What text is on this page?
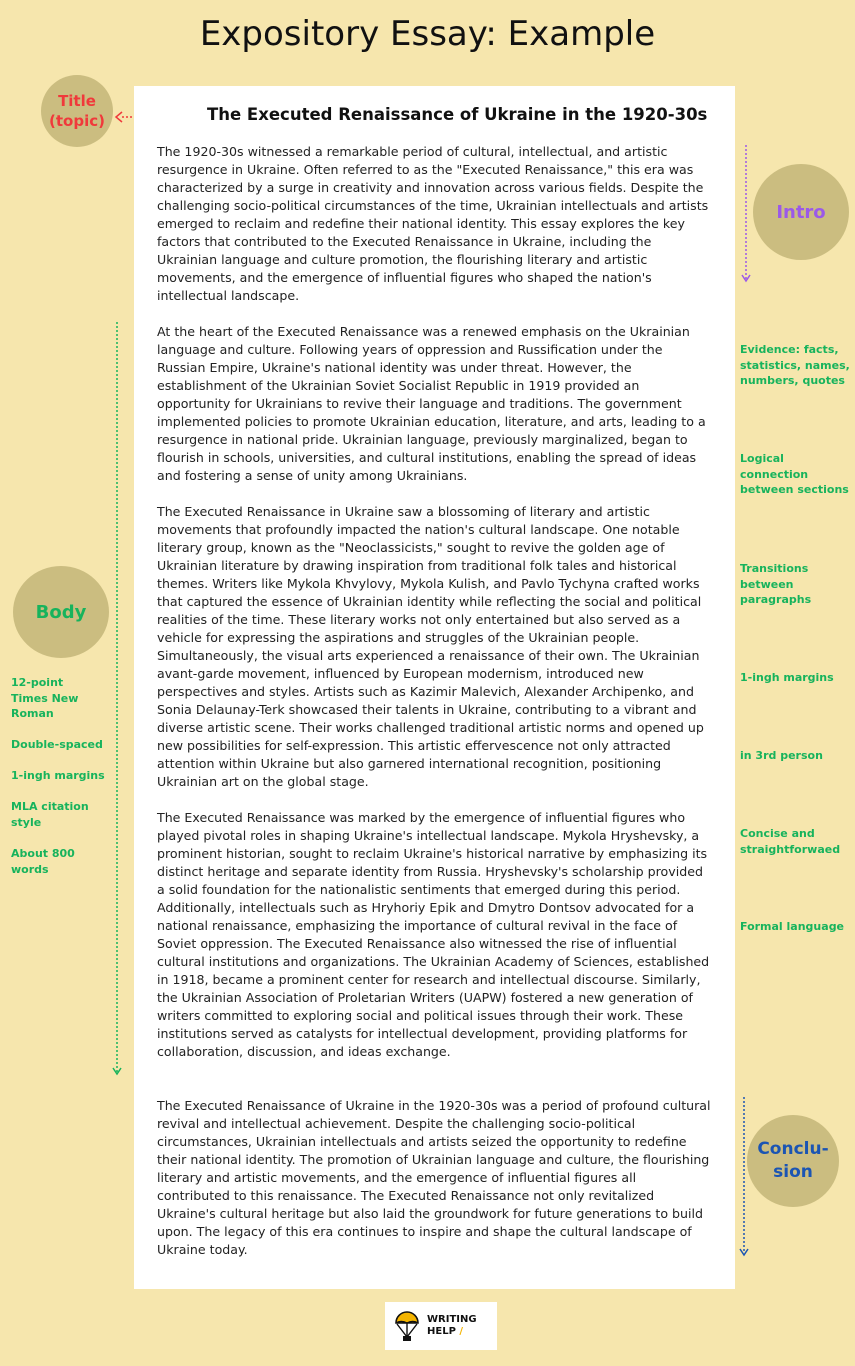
Expository Essay: Example
Title
(topic)	The Executed Renaissance of Ukraine in the 1920-30s
The 1920-30s witnessed a remarkable period of cultural, intellectual, and artistic resurgence in Ukraine. Often referred to as the "Executed Renaissance," this era was characterized by a surge in creativity and innovation across various fields. Despite the challenging socio-political circumstances of the time, Ukrainian intellectuals and artists emerged to reclaim and redefine their national identity. This essay explores the key factors that contributed to the Executed Renaissance in Ukraine, including the Ukrainian language and culture promotion, the flourishing literary and artistic movements, and the emergence of influential figures who shaped the nation's intellectual landscape.
At the heart of the Executed Renaissance was a renewed emphasis on the Ukrainian language and culture. Following years of oppression and Russification under the Russian Empire, Ukraine's national identity was under threat. However, the establishment of the Ukrainian Soviet Socialist Republic in 1919 provided an opportunity for Ukrainians to revive their language and traditions. The government implemented policies to promote Ukrainian education, literature, and arts, leading to a resurgence in national pride. Ukrainian language, previously marginalized, began to flourish in schools, universities, and cultural institutions, enabling the spread of ideas and fostering a sense of unity among Ukrainians.
The Executed Renaissance in Ukraine saw a blossoming of literary and artistic movements that profoundly impacted the nation's cultural landscape. One notable literary group, known as the "Neoclassicists," sought to revive the golden age of Ukrainian literature by drawing inspiration from traditional folk tales and historical themes. Writers like Mykola Khvylovy, Mykola Kulish, and Pavlo Tychyna crafted works that captured the essence of Ukrainian identity while reflecting the social and political realities of the time. These literary works not only entertained but also served as a vehicle for expressing the aspirations and struggles of the Ukrainian people. Simultaneously, the visual arts experienced a renaissance of their own. The Ukrainian avant-garde movement, influenced by European modernism, introduced new perspectives and styles. Artists such as Kazimir Malevich, Alexander Archipenko, and Sonia Delaunay-Terk showcased their talents in Ukraine, contributing to a vibrant and diverse artistic scene. Their works challenged traditional artistic norms and opened up new possibilities for self-expression. This artistic effervescence not only attracted attention within Ukraine but also garnered international recognition, positioning Ukrainian art on the global stage.
The Executed Renaissance was marked by the emergence of influential figures who played pivotal roles in shaping Ukraine's intellectual landscape. Mykola Hryshevsky, a prominent historian, sought to reclaim Ukraine's historical narrative by emphasizing its distinct heritage and separate identity from Russia. Hryshevsky's scholarship provided a solid foundation for the nationalistic sentiments that emerged during this period. Additionally, intellectuals such as Hryhoriy Epik and Dmytro Dontsov advocated for a national renaissance, emphasizing the importance of cultural revival in the face of Soviet oppression. The Executed Renaissance also witnessed the rise of influential cultural institutions and organizations. The Ukrainian Academy of Sciences, established in 1918, became a prominent center for research and intellectual discourse. Similarly, the Ukrainian Association of Proletarian Writers (UAPW) fostered a new generation of writers committed to exploring social and political issues through their work. These institutions served as catalysts for intellectual development, providing platforms for collaboration, discussion, and ideas exchange.
The Executed Renaissance of Ukraine in the 1920-30s was a period of profound cultural revival and intellectual achievement. Despite the challenging socio-political circumstances, Ukrainian intellectuals and artists seized the opportunity to redefine their national identity. The promotion of Ukrainian language and culture, the flourishing literary and artistic movements, and the emergence of influential figures all contributed to this renaissance. The Executed Renaissance not only revitalized Ukraine's cultural heritage but also laid the groundwork for future generations to build upon. The legacy of this era continues to inspire and shape the cultural landscape of Ukraine today.
Intro
Body
Conclu-
sion
12-point Times New Roman
Double-spaced
1-ingh margins
MLA citation style
About 800 words
Evidence: facts, statistics, names, numbers, quotes
Logical connection between sections
Transitions between paragraphs
1-ingh margins
in 3rd person
Concise and straightforwaed
Formal language
WRITING
HELP /
